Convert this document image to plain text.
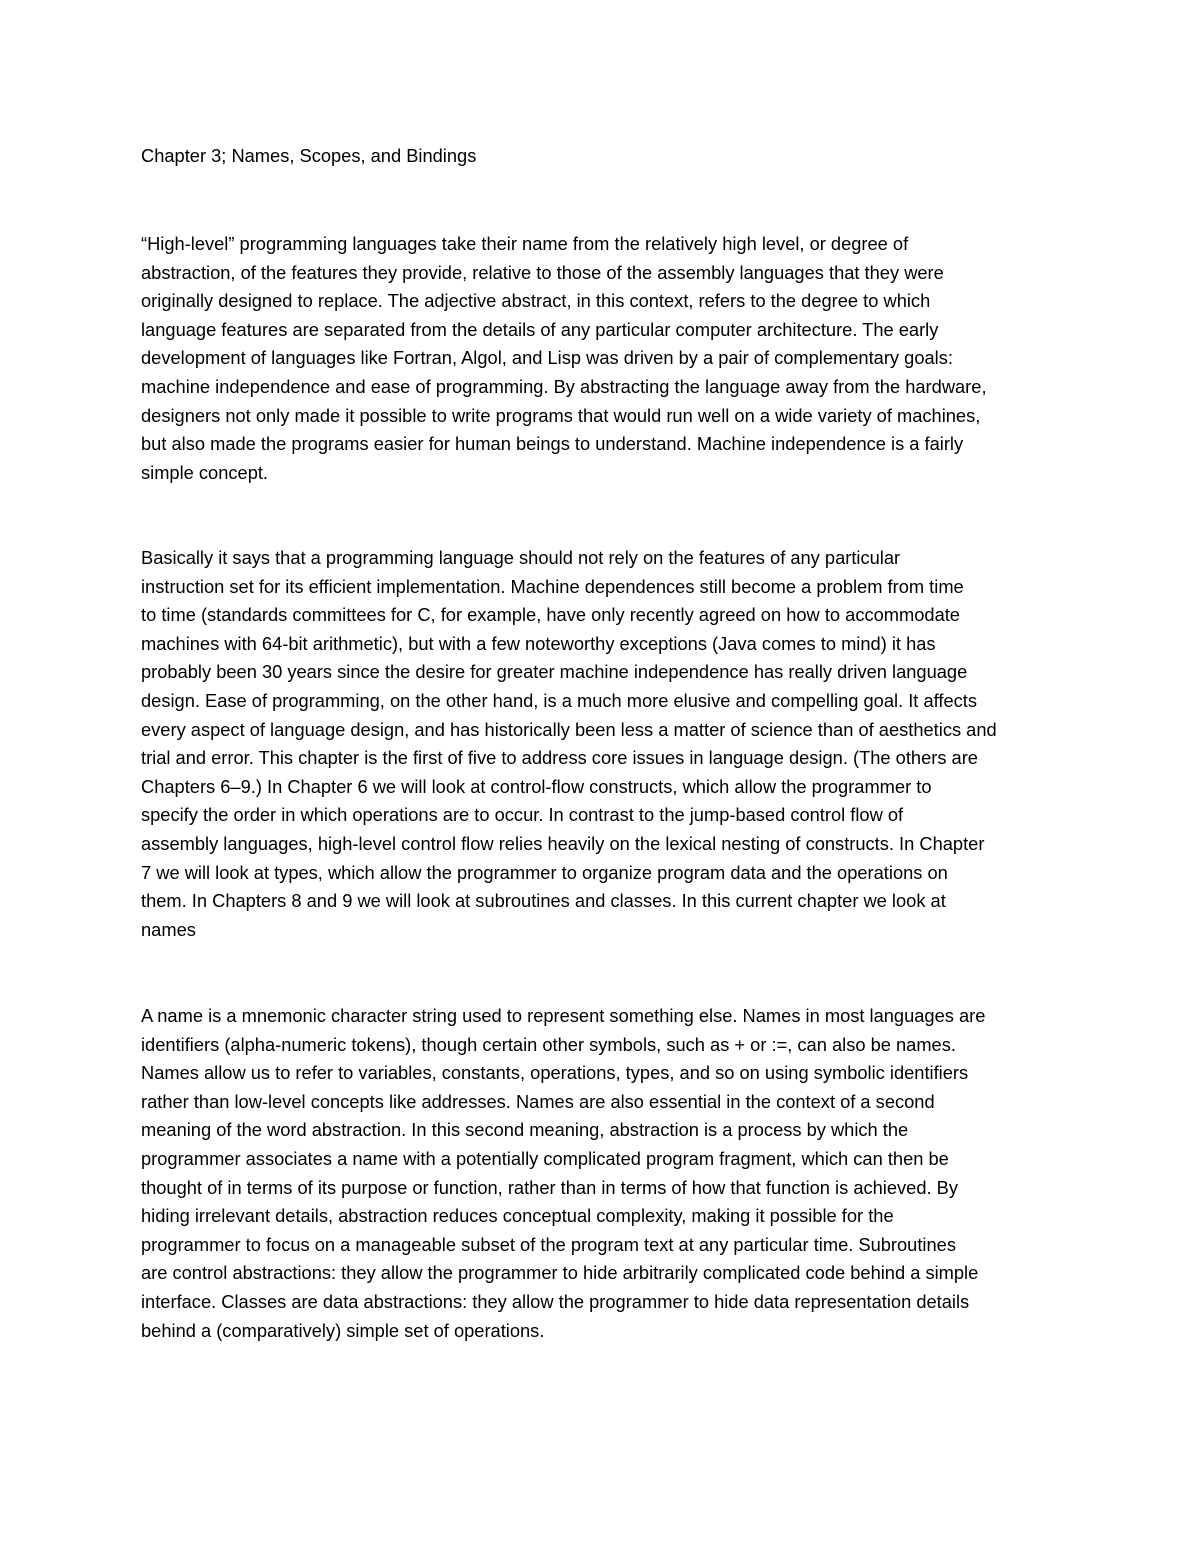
Chapter 3; Names, Scopes, and Bindings

“High-level” programming languages take their name from the relatively high level, or degree of
abstraction, of the features they provide, relative to those of the assembly languages that they were
originally designed to replace. The adjective abstract, in this context, refers to the degree to which
language features are separated from the details of any particular computer architecture. The early
development of languages like Fortran, Algol, and Lisp was driven by a pair of complementary goals:
machine independence and ease of programming. By abstracting the language away from the hardware,
designers not only made it possible to write programs that would run well on a wide variety of machines,
but also made the programs easier for human beings to understand. Machine independence is a fairly
simple concept.

Basically it says that a programming language should not rely on the features of any particular
instruction set for its efficient implementation. Machine dependences still become a problem from time
to time (standards committees for C, for example, have only recently agreed on how to accommodate
machines with 64-bit arithmetic), but with a few noteworthy exceptions (Java comes to mind) it has
probably been 30 years since the desire for greater machine independence has really driven language
design. Ease of programming, on the other hand, is a much more elusive and compelling goal. It affects
every aspect of language design, and has historically been less a matter of science than of aesthetics and
trial and error. This chapter is the first of five to address core issues in language design. (The others are
Chapters 6–9.) In Chapter 6 we will look at control-flow constructs, which allow the programmer to
specify the order in which operations are to occur. In contrast to the jump-based control flow of
assembly languages, high-level control flow relies heavily on the lexical nesting of constructs. In Chapter
7 we will look at types, which allow the programmer to organize program data and the operations on
them. In Chapters 8 and 9 we will look at subroutines and classes. In this current chapter we look at
names

A name is a mnemonic character string used to represent something else. Names in most languages are
identifiers (alpha-numeric tokens), though certain other symbols, such as + or :=, can also be names.
Names allow us to refer to variables, constants, operations, types, and so on using symbolic identifiers
rather than low-level concepts like addresses. Names are also essential in the context of a second
meaning of the word abstraction. In this second meaning, abstraction is a process by which the
programmer associates a name with a potentially complicated program fragment, which can then be
thought of in terms of its purpose or function, rather than in terms of how that function is achieved. By
hiding irrelevant details, abstraction reduces conceptual complexity, making it possible for the
programmer to focus on a manageable subset of the program text at any particular time. Subroutines
are control abstractions: they allow the programmer to hide arbitrarily complicated code behind a simple
interface. Classes are data abstractions: they allow the programmer to hide data representation details
behind a (comparatively) simple set of operations.
